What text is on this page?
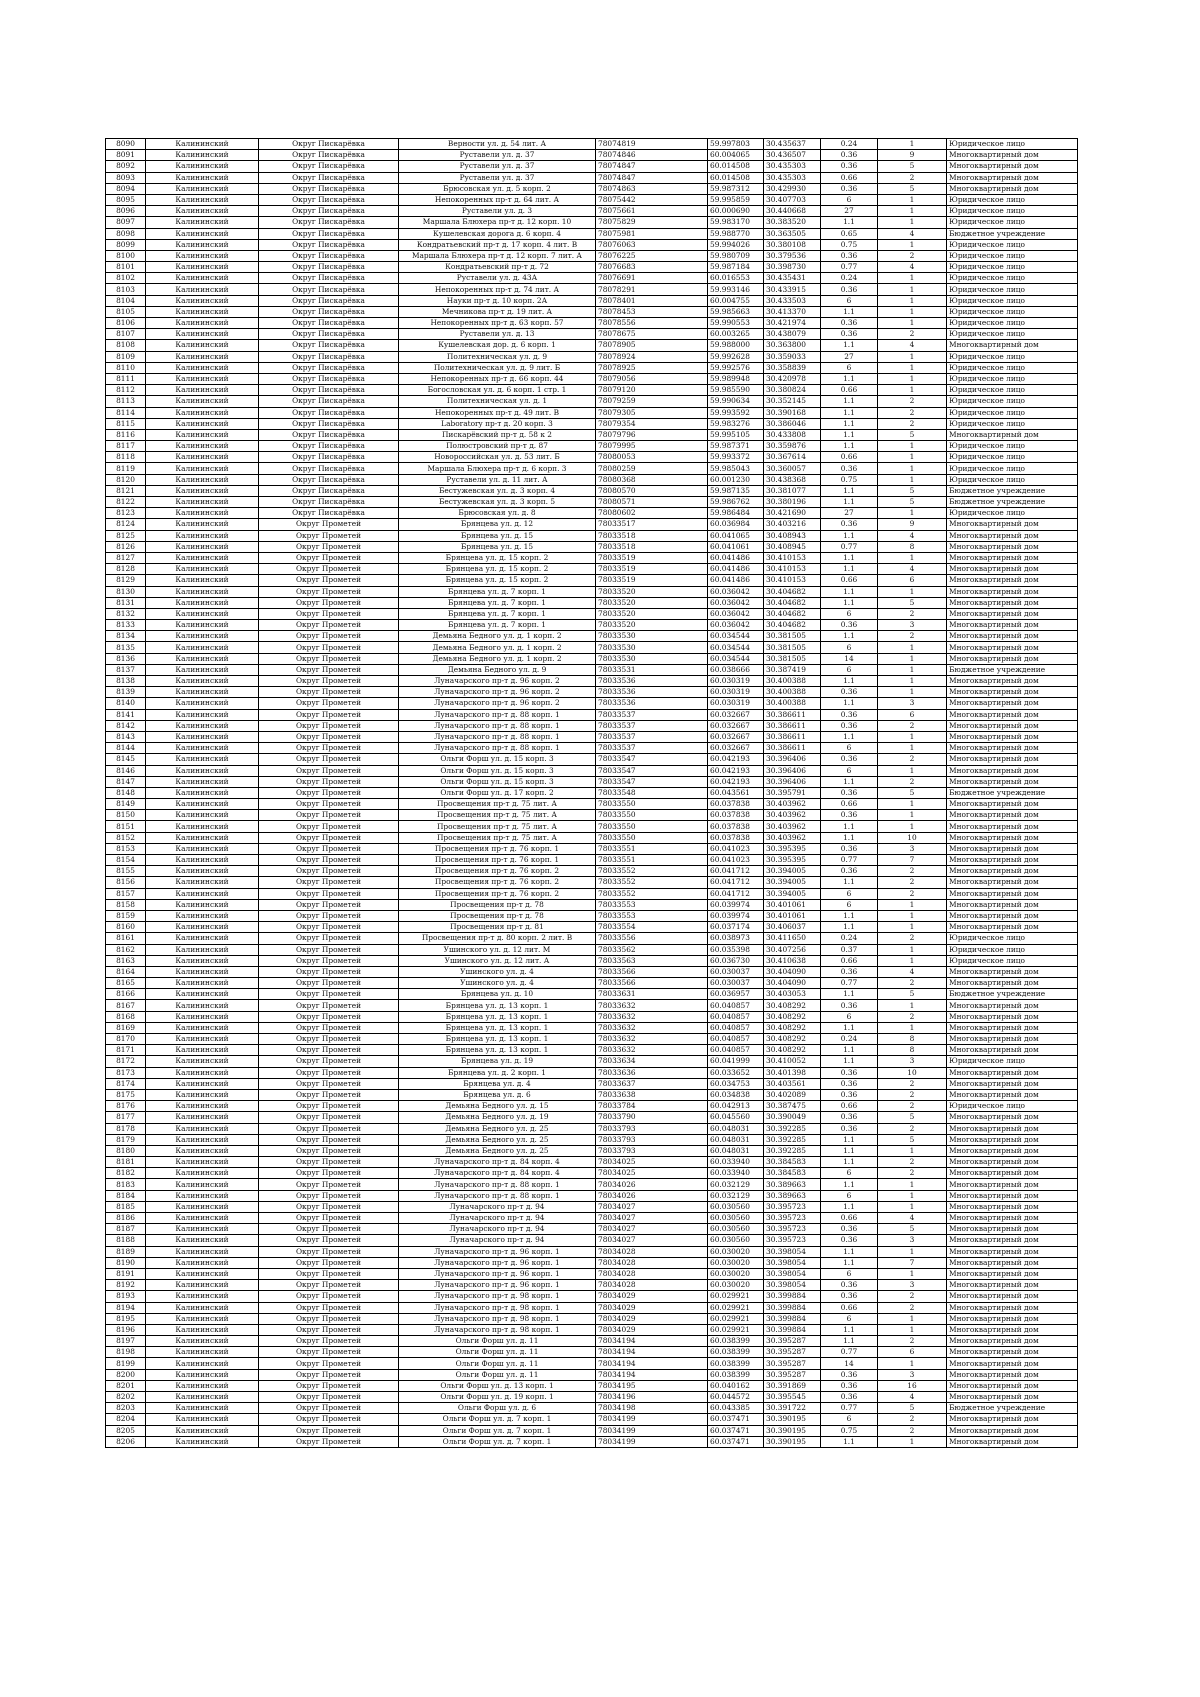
8090	Калининский	Округ Пискарёвка	Верности ул. д. 54 лит. А	78074819	59.997803	30.435637	0.24	1	Юридическое лицо
8091	Калининский	Округ Пискарёвка	Руставели ул. д. 37	78074846	60.004065	30.436507	0.36	9	Многоквартирный дом
8092	Калининский	Округ Пискарёвка	Руставели ул. д. 37	78074847	60.014508	30.435303	0.36	5	Многоквартирный дом
8093	Калининский	Округ Пискарёвка	Руставели ул. д. 37	78074847	60.014508	30.435303	0.66	2	Многоквартирный дом
8094	Калининский	Округ Пискарёвка	Брюсовская ул. д. 5 корп. 2	78074863	59.987312	30.429930	0.36	5	Многоквартирный дом
8095	Калининский	Округ Пискарёвка	Непокоренных пр-т д. 64 лит. А	78075442	59.995859	30.407703	6	1	Юридическое лицо
8096	Калининский	Округ Пискарёвка	Руставели ул. д. 3	78075661	60.000690	30.440668	27	1	Юридическое лицо
8097	Калининский	Округ Пискарёвка	Маршала Блюхера пр-т д. 12 корп. 10	78075829	59.983170	30.383520	1.1	1	Юридическое лицо
8098	Калининский	Округ Пискарёвка	Кушелевская дорога д. 6 корп. 4	78075981	59.988770	30.363505	0.65	4	Бюджетное учреждение
8099	Калининский	Округ Пискарёвка	Кондратьевский пр-т д. 17 корп. 4 лит. В	78076063	59.994026	30.380108	0.75	1	Юридическое лицо
8100	Калининский	Округ Пискарёвка	Маршала Блюхера пр-т д. 12 корп. 7 лит. А	78076225	59.980709	30.379536	0.36	2	Юридическое лицо
8101	Калининский	Округ Пискарёвка	Кондратьевский пр-т д. 72	78076683	59.987184	30.398730	0.77	4	Юридическое лицо
8102	Калининский	Округ Пискарёвка	Руставели ул. д. 43А	78076691	60.016553	30.435431	0.24	1	Юридическое лицо
8103	Калининский	Округ Пискарёвка	Непокоренных пр-т д. 74 лит. А	78078291	59.993146	30.433915	0.36	1	Юридическое лицо
8104	Калининский	Округ Пискарёвка	Науки пр-т д. 10 корп. 2А	78078401	60.004755	30.433503	6	1	Юридическое лицо
8105	Калининский	Округ Пискарёвка	Мечникова пр-т д. 19 лит. А	78078453	59.985663	30.413370	1.1	1	Юридическое лицо
8106	Калининский	Округ Пискарёвка	Непокоренных пр-т д. 63 корп. 57	78078556	59.990553	30.421974	0.36	1	Юридическое лицо
8107	Калининский	Округ Пискарёвка	Руставели ул. д. 13	78078675	60.003265	30.438079	0.36	2	Юридическое лицо
8108	Калининский	Округ Пискарёвка	Кушелевская дор. д. 6 корп. 1	78078905	59.988000	30.363800	1.1	4	Многоквартирный дом
8109	Калининский	Округ Пискарёвка	Политехническая ул. д. 9	78078924	59.992628	30.359033	27	1	Юридическое лицо
8110	Калининский	Округ Пискарёвка	Политехническая ул. д. 9 лит. Б	78078925	59.992576	30.358839	6	1	Юридическое лицо
8111	Калининский	Округ Пискарёвка	Непокоренных пр-т д. 66 корп. 44	78079056	59.989948	30.420978	1.1	1	Юридическое лицо
8112	Калининский	Округ Пискарёвка	Богословская ул. д. 6 корп. 1 стр. 1	78079120	59.985590	30.380824	0.66	1	Юридическое лицо
8113	Калининский	Округ Пискарёвка	Политехническая ул. д. 1	78079259	59.990634	30.352145	1.1	2	Юридическое лицо
8114	Калининский	Округ Пискарёвка	Непокоренных пр-т д. 49 лит. В	78079305	59.993592	30.390168	1.1	2	Юридическое лицо
8115	Калининский	Округ Пискарёвка	Laboratory пр-т д. 20 корп. 3	78079354	59.983276	30.386046	1.1	2	Юридическое лицо
8116	Калининский	Округ Пискарёвка	Пискарёвский пр-т д. 58 к 2	78079796	59.995105	30.433808	1.1	5	Многоквартирный дом
8117	Калининский	Округ Пискарёвка	Полюстровский пр-т д. 87	78079995	59.987371	30.359876	1.1	1	Юридическое лицо
8118	Калининский	Округ Пискарёвка	Новороссийская ул. д. 53 лит. Б	78080053	59.993372	30.367614	0.66	1	Юридическое лицо
8119	Калининский	Округ Пискарёвка	Маршала Блюхера пр-т д. 6 корп. 3	78080259	59.985043	30.360057	0.36	1	Юридическое лицо
8120	Калининский	Округ Пискарёвка	Руставели ул. д. 11 лит. А	78080368	60.001230	30.438368	0.75	1	Юридическое лицо
8121	Калининский	Округ Пискарёвка	Бестужевская ул. д. 3 корп. 4	78080570	59.987135	30.381077	1.1	5	Бюджетное учреждение
8122	Калининский	Округ Пискарёвка	Бестужевская ул. д. 3 корп. 5	78080571	59.986762	30.380196	1.1	5	Бюджетное учреждение
8123	Калининский	Округ Пискарёвка	Брюсовская ул. д. 8	78080602	59.986484	30.421690	27	1	Юридическое лицо
8124	Калининский	Округ Прометей	Брянцева ул. д. 12	78033517	60.036984	30.403216	0.36	9	Многоквартирный дом
8125	Калининский	Округ Прометей	Брянцева ул. д. 15	78033518	60.041065	30.408943	1.1	4	Многоквартирный дом
8126	Калининский	Округ Прометей	Брянцева ул. д. 15	78033518	60.041061	30.408945	0.77	8	Многоквартирный дом
8127	Калининский	Округ Прометей	Брянцева ул. д. 15 корп. 2	78033519	60.041486	30.410153	1.1	1	Многоквартирный дом
8128	Калининский	Округ Прометей	Брянцева ул. д. 15 корп. 2	78033519	60.041486	30.410153	1.1	4	Многоквартирный дом
8129	Калининский	Округ Прометей	Брянцева ул. д. 15 корп. 2	78033519	60.041486	30.410153	0.66	6	Многоквартирный дом
8130	Калининский	Округ Прометей	Брянцева ул. д. 7 корп. 1	78033520	60.036042	30.404682	1.1	1	Многоквартирный дом
8131	Калининский	Округ Прометей	Брянцева ул. д. 7 корп. 1	78033520	60.036042	30.404682	1.1	5	Многоквартирный дом
8132	Калининский	Округ Прометей	Брянцева ул. д. 7 корп. 1	78033520	60.036042	30.404682	6	2	Многоквартирный дом
8133	Калининский	Округ Прометей	Брянцева ул. д. 7 корп. 1	78033520	60.036042	30.404682	0.36	3	Многоквартирный дом
8134	Калининский	Округ Прометей	Демьяна Бедного ул. д. 1 корп. 2	78033530	60.034544	30.381505	1.1	2	Многоквартирный дом
8135	Калининский	Округ Прометей	Демьяна Бедного ул. д. 1 корп. 2	78033530	60.034544	30.381505	6	1	Многоквартирный дом
8136	Калининский	Округ Прометей	Демьяна Бедного ул. д. 1 корп. 2	78033530	60.034544	30.381505	14	1	Многоквартирный дом
8137	Калининский	Округ Прометей	Демьяна Бедного ул. д. 9	78033531	60.038666	30.387419	6	1	Бюджетное учреждение
8138	Калининский	Округ Прометей	Луначарского пр-т д. 96 корп. 2	78033536	60.030319	30.400388	1.1	1	Многоквартирный дом
8139	Калининский	Округ Прометей	Луначарского пр-т д. 96 корп. 2	78033536	60.030319	30.400388	0.36	1	Многоквартирный дом
8140	Калининский	Округ Прометей	Луначарского пр-т д. 96 корп. 2	78033536	60.030319	30.400388	1.1	3	Многоквартирный дом
8141	Калининский	Округ Прометей	Луначарского пр-т д. 88 корп. 1	78033537	60.032667	30.386611	0.36	6	Многоквартирный дом
8142	Калининский	Округ Прометей	Луначарского пр-т д. 88 корп. 1	78033537	60.032667	30.386611	0.36	2	Многоквартирный дом
8143	Калининский	Округ Прометей	Луначарского пр-т д. 88 корп. 1	78033537	60.032667	30.386611	1.1	1	Многоквартирный дом
8144	Калининский	Округ Прометей	Луначарского пр-т д. 88 корп. 1	78033537	60.032667	30.386611	6	1	Многоквартирный дом
8145	Калининский	Округ Прометей	Ольги Форш ул. д. 15 корп. 3	78033547	60.042193	30.396406	0.36	2	Многоквартирный дом
8146	Калининский	Округ Прометей	Ольги Форш ул. д. 15 корп. 3	78033547	60.042193	30.396406	6	1	Многоквартирный дом
8147	Калининский	Округ Прометей	Ольги Форш ул. д. 15 корп. 3	78033547	60.042193	30.396406	1.1	2	Многоквартирный дом
8148	Калининский	Округ Прометей	Ольги Форш ул. д. 17 корп. 2	78033548	60.043561	30.395791	0.36	5	Бюджетное учреждение
8149	Калининский	Округ Прометей	Просвещения пр-т д. 75 лит. А	78033550	60.037838	30.403962	0.66	1	Многоквартирный дом
8150	Калининский	Округ Прометей	Просвещения пр-т д. 75 лит. А	78033550	60.037838	30.403962	0.36	1	Многоквартирный дом
8151	Калининский	Округ Прометей	Просвещения пр-т д. 75 лит. А	78033550	60.037838	30.403962	1.1	1	Многоквартирный дом
8152	Калининский	Округ Прометей	Просвещения пр-т д. 75 лит. А	78033550	60.037838	30.403962	1.1	10	Многоквартирный дом
8153	Калининский	Округ Прометей	Просвещения пр-т д. 76 корп. 1	78033551	60.041023	30.395395	0.36	3	Многоквартирный дом
8154	Калининский	Округ Прометей	Просвещения пр-т д. 76 корп. 1	78033551	60.041023	30.395395	0.77	7	Многоквартирный дом
8155	Калининский	Округ Прометей	Просвещения пр-т д. 76 корп. 2	78033552	60.041712	30.394005	0.36	2	Многоквартирный дом
8156	Калининский	Округ Прометей	Просвещения пр-т д. 76 корп. 2	78033552	60.041712	30.394005	1.1	2	Многоквартирный дом
8157	Калининский	Округ Прометей	Просвещения пр-т д. 76 корп. 2	78033552	60.041712	30.394005	6	2	Многоквартирный дом
8158	Калининский	Округ Прометей	Просвещения пр-т д. 78	78033553	60.039974	30.401061	6	1	Многоквартирный дом
8159	Калининский	Округ Прометей	Просвещения пр-т д. 78	78033553	60.039974	30.401061	1.1	1	Многоквартирный дом
8160	Калининский	Округ Прометей	Просвещения пр-т д. 81	78033554	60.037174	30.406037	1.1	1	Многоквартирный дом
8161	Калининский	Округ Прометей	Просвещения пр-т д. 80 корп. 2 лит. В	78033556	60.038973	30.411650	0.24	2	Юридическое лицо
8162	Калининский	Округ Прометей	Ушинского ул. д. 12 лит. М	78033562	60.035398	30.407256	0.37	1	Юридическое лицо
8163	Калининский	Округ Прометей	Ушинского ул. д. 12 лит. А	78033563	60.036730	30.410638	0.66	1	Юридическое лицо
8164	Калининский	Округ Прометей	Ушинского ул. д. 4	78033566	60.030037	30.404090	0.36	4	Многоквартирный дом
8165	Калининский	Округ Прометей	Ушинского ул. д. 4	78033566	60.030037	30.404090	0.77	2	Многоквартирный дом
8166	Калининский	Округ Прометей	Брянцева ул. д. 10	78033631	60.036957	30.403053	1.1	5	Бюджетное учреждение
8167	Калининский	Округ Прометей	Брянцева ул. д. 13 корп. 1	78033632	60.040857	30.408292	0.36	1	Многоквартирный дом
8168	Калининский	Округ Прометей	Брянцева ул. д. 13 корп. 1	78033632	60.040857	30.408292	6	2	Многоквартирный дом
8169	Калининский	Округ Прометей	Брянцева ул. д. 13 корп. 1	78033632	60.040857	30.408292	1.1	1	Многоквартирный дом
8170	Калининский	Округ Прометей	Брянцева ул. д. 13 корп. 1	78033632	60.040857	30.408292	0.24	8	Многоквартирный дом
8171	Калининский	Округ Прометей	Брянцева ул. д. 13 корп. 1	78033632	60.040857	30.408292	1.1	8	Многоквартирный дом
8172	Калининский	Округ Прометей	Брянцева ул. д. 19	78033634	60.041999	30.410052	1.1	3	Юридическое лицо
8173	Калининский	Округ Прометей	Брянцева ул. д. 2 корп. 1	78033636	60.033652	30.401398	0.36	10	Многоквартирный дом
8174	Калининский	Округ Прометей	Брянцева ул. д. 4	78033637	60.034753	30.403561	0.36	2	Многоквартирный дом
8175	Калининский	Округ Прометей	Брянцева ул. д. 6	78033638	60.034838	30.402089	0.36	2	Многоквартирный дом
8176	Калининский	Округ Прометей	Демьяна Бедного ул. д. 15	78033784	60.042913	30.387475	0.66	2	Юридическое лицо
8177	Калининский	Округ Прометей	Демьяна Бедного ул. д. 19	78033790	60.045560	30.390049	0.36	5	Многоквартирный дом
8178	Калининский	Округ Прометей	Демьяна Бедного ул. д. 25	78033793	60.048031	30.392285	0.36	2	Многоквартирный дом
8179	Калининский	Округ Прометей	Демьяна Бедного ул. д. 25	78033793	60.048031	30.392285	1.1	5	Многоквартирный дом
8180	Калининский	Округ Прометей	Демьяна Бедного ул. д. 25	78033793	60.048031	30.392285	1.1	1	Многоквартирный дом
8181	Калининский	Округ Прометей	Луначарского пр-т д. 84 корп. 4	78034025	60.033940	30.384583	1.1	2	Многоквартирный дом
8182	Калининский	Округ Прометей	Луначарского пр-т д. 84 корп. 4	78034025	60.033940	30.384583	6	2	Многоквартирный дом
8183	Калининский	Округ Прометей	Луначарского пр-т д. 88 корп. 1	78034026	60.032129	30.389663	1.1	1	Многоквартирный дом
8184	Калининский	Округ Прометей	Луначарского пр-т д. 88 корп. 1	78034026	60.032129	30.389663	6	1	Многоквартирный дом
8185	Калининский	Округ Прометей	Луначарского пр-т д. 94	78034027	60.030560	30.395723	1.1	1	Многоквартирный дом
8186	Калининский	Округ Прометей	Луначарского пр-т д. 94	78034027	60.030560	30.395723	0.66	4	Многоквартирный дом
8187	Калининский	Округ Прометей	Луначарского пр-т д. 94	78034027	60.030560	30.395723	0.36	5	Многоквартирный дом
8188	Калининский	Округ Прометей	Луначарского пр-т д. 94	78034027	60.030560	30.395723	0.36	3	Многоквартирный дом
8189	Калининский	Округ Прометей	Луначарского пр-т д. 96 корп. 1	78034028	60.030020	30.398054	1.1	1	Многоквартирный дом
8190	Калининский	Округ Прометей	Луначарского пр-т д. 96 корп. 1	78034028	60.030020	30.398054	1.1	7	Многоквартирный дом
8191	Калининский	Округ Прометей	Луначарского пр-т д. 96 корп. 1	78034028	60.030020	30.398054	6	1	Многоквартирный дом
8192	Калининский	Округ Прометей	Луначарского пр-т д. 96 корп. 1	78034028	60.030020	30.398054	0.36	3	Многоквартирный дом
8193	Калининский	Округ Прометей	Луначарского пр-т д. 98 корп. 1	78034029	60.029921	30.399884	0.36	2	Многоквартирный дом
8194	Калининский	Округ Прометей	Луначарского пр-т д. 98 корп. 1	78034029	60.029921	30.399884	0.66	2	Многоквартирный дом
8195	Калининский	Округ Прометей	Луначарского пр-т д. 98 корп. 1	78034029	60.029921	30.399884	6	1	Многоквартирный дом
8196	Калининский	Округ Прометей	Луначарского пр-т д. 98 корп. 1	78034029	60.029921	30.399884	1.1	1	Многоквартирный дом
8197	Калининский	Округ Прометей	Ольги Форш ул. д. 11	78034194	60.038399	30.395287	1.1	2	Многоквартирный дом
8198	Калининский	Округ Прометей	Ольги Форш ул. д. 11	78034194	60.038399	30.395287	0.77	6	Многоквартирный дом
8199	Калининский	Округ Прометей	Ольги Форш ул. д. 11	78034194	60.038399	30.395287	14	1	Многоквартирный дом
8200	Калининский	Округ Прометей	Ольги Форш ул. д. 11	78034194	60.038399	30.395287	0.36	3	Многоквартирный дом
8201	Калининский	Округ Прометей	Ольги Форш ул. д. 13 корп. 1	78034195	60.040162	30.391869	0.36	16	Многоквартирный дом
8202	Калининский	Округ Прометей	Ольги Форш ул. д. 19 корп. 1	78034196	60.044572	30.395545	0.36	4	Многоквартирный дом
8203	Калининский	Округ Прометей	Ольги Форш ул. д. 6	78034198	60.043385	30.391722	0.77	5	Бюджетное учреждение
8204	Калининский	Округ Прометей	Ольги Форш ул. д. 7 корп. 1	78034199	60.037471	30.390195	6	2	Многоквартирный дом
8205	Калининский	Округ Прометей	Ольги Форш ул. д. 7 корп. 1	78034199	60.037471	30.390195	0.75	2	Многоквартирный дом
8206	Калининский	Округ Прометей	Ольги Форш ул. д. 7 корп. 1	78034199	60.037471	30.390195	1.1	1	Многоквартирный дом
